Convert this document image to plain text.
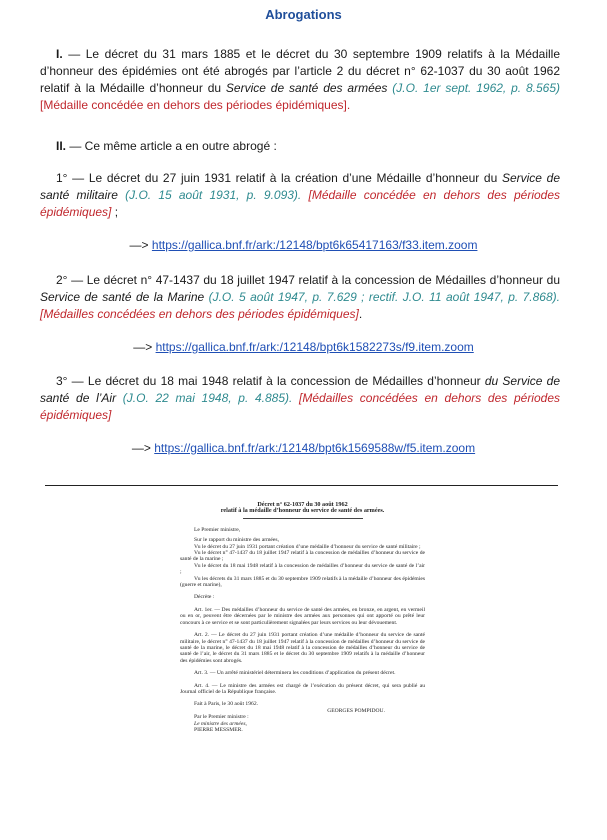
Abrogations
I. — Le décret du 31 mars 1885 et le décret du 30 septembre 1909 relatifs à la Médaille d’honneur des épidémies ont été abrogés par l’article 2 du décret n° 62-1037 du 30 août 1962 relatif à la Médaille d’honneur du Service de santé des armées (J.O. 1er sept. 1962, p. 8.565) [Médaille concédée en dehors des périodes épidémiques].
II. — Ce même article a en outre abrogé :
1° — Le décret du 27 juin 1931 relatif à la création d’une Médaille d’honneur du Service de santé militaire (J.O. 15 août 1931, p. 9.093). [Médaille concédée en dehors des périodes épidémiques] ;
—> https://gallica.bnf.fr/ark:/12148/bpt6k65417163/f33.item.zoom
2° — Le décret n° 47-1437 du 18 juillet 1947 relatif à la concession de Médailles d’honneur du Service de santé de la Marine (J.O. 5 août 1947, p. 7.629 ; rectif. J.O. 11 août 1947, p. 7.868). [Médailles concédées en dehors des périodes épidémiques].
—> https://gallica.bnf.fr/ark:/12148/bpt6k1582273s/f9.item.zoom
3° — Le décret du 18 mai 1948 relatif à la concession de Médailles d’honneur du Service de santé de l’Air (J.O. 22 mai 1948, p. 4.885). [Médailles concédées en dehors des périodes épidémiques]
—> https://gallica.bnf.fr/ark:/12148/bpt6k1569588w/f5.item.zoom
Décret n° 62-1037 du 30 août 1962
relatif à la médaille d’honneur du service de santé des armées.

Le Premier ministre,

Sur le rapport du ministre des armées,

Vu le décret du 27 juin 1931 portant création d’une médaille d’honneur du service de santé militaire ;

Vu le décret n° 47-1437 du 18 juillet 1947 relatif à la concession de médailles d’honneur du service de santé de la marine ;

Vu le décret du 18 mai 1948 relatif à la concession de médailles d’honneur du service de santé de l’air ;

Vu les décrets du 31 mars 1885 et du 30 septembre 1909 relatifs à la médaille d’honneur des épidémies (guerre et marine),

Décrète :

Art. 1er. — Des médailles d’honneur du service de santé des armées, en bronze, en argent, en vermeil ou en or, peuvent être décernées par le ministre des armées aux personnes qui ont apporté ou prêté leur concours à ce service et se sont particulièrement signalées par leurs services ou leur dévouement.

Art. 2. — Le décret du 27 juin 1931 portant création d’une médaille d’honneur du service de santé militaire, le décret n° 47-1437 du 18 juillet 1947 relatif à la concession de médailles d’honneur du service de santé de la marine, le décret du 18 mai 1948 relatif à la concession de médailles d’honneur du service de santé de l’air, le décret du 31 mars 1885 et le décret du 30 septembre 1909 relatifs à la médaille d’honneur des épidémies sont abrogés.

Art. 3. — Un arrêté ministériel déterminera les conditions d’application du présent décret.

Art. 4. — Le ministre des armées est chargé de l’exécution du présent décret, qui sera publié au Journal officiel de la République française.

Fait à Paris, le 30 août 1962.

GEORGES POMPIDOU.

Par le Premier ministre :

Le ministre des armées,

PIERRE MESSMER.
